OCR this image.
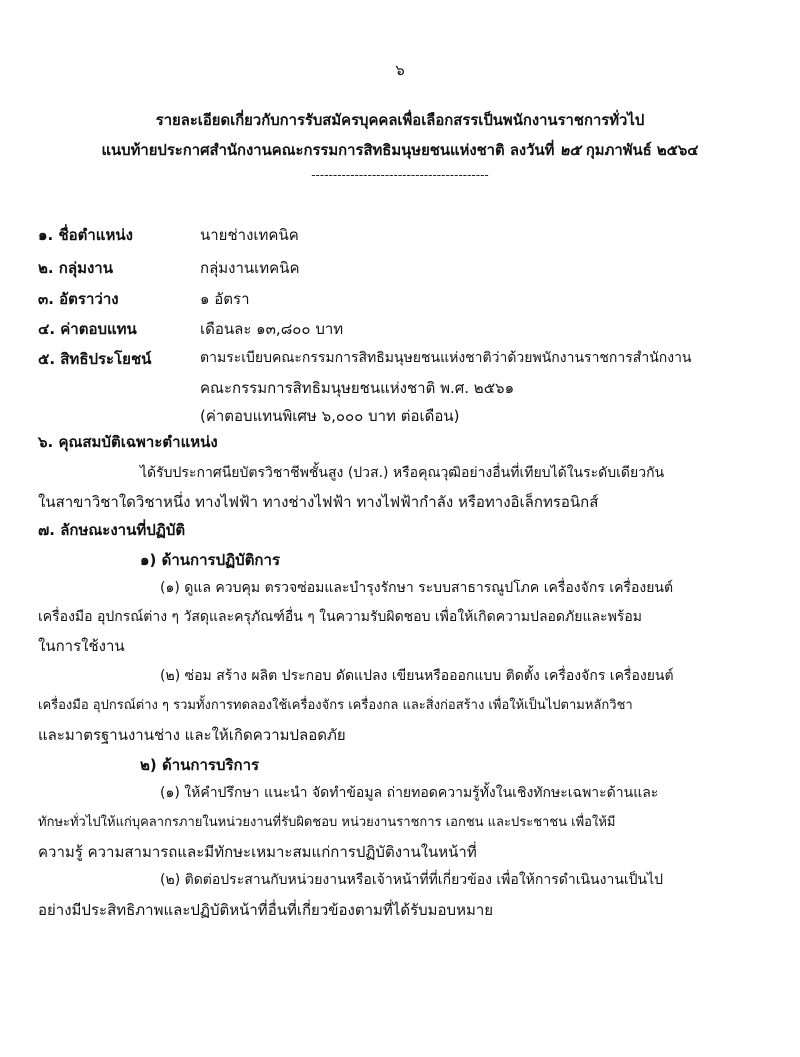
๖
รายละเอียดเกี่ยวกับการรับสมัครบุคคลเพื่อเลือกสรรเป็นพนักงานราชการทั่วไป
แนบท้ายประกาศสำนักงานคณะกรรมการสิทธิมนุษยชนแห่งชาติ ลงวันที่ ๒๕ กุมภาพันธ์ ๒๕๖๔
-----------------------------------------
๑. ชื่อตำแหน่ง	นายช่างเทคนิค
๒. กลุ่มงาน	กลุ่มงานเทคนิค
๓. อัตราว่าง	๑ อัตรา
๔. ค่าตอบแทน	เดือนละ ๑๓,๘๐๐ บาท
๕. สิทธิประโยชน์	ตามระเบียบคณะกรรมการสิทธิมนุษยชนแห่งชาติว่าด้วยพนักงานราชการสำนักงาน
คณะกรรมการสิทธิมนุษยชนแห่งชาติ พ.ศ. ๒๕๖๑
(ค่าตอบแทนพิเศษ ๖,๐๐๐ บาท ต่อเดือน)
๖. คุณสมบัติเฉพาะตำแหน่ง
ได้รับประกาศนียบัตรวิชาชีพชั้นสูง (ปวส.) หรือคุณวุฒิอย่างอื่นที่เทียบได้ในระดับเดียวกัน
ในสาขาวิชาใดวิชาหนึ่ง ทางไฟฟ้า ทางช่างไฟฟ้า ทางไฟฟ้ากำลัง หรือทางอิเล็กทรอนิกส์
๗. ลักษณะงานที่ปฏิบัติ
๑) ด้านการปฏิบัติการ
(๑) ดูแล ควบคุม ตรวจซ่อมและบำรุงรักษา ระบบสาธารณูปโภค เครื่องจักร เครื่องยนต์
เครื่องมือ อุปกรณ์ต่าง ๆ วัสดุและครุภัณฑ์อื่น ๆ ในความรับผิดชอบ เพื่อให้เกิดความปลอดภัยและพร้อม
ในการใช้งาน
(๒) ซ่อม สร้าง ผลิต ประกอบ ดัดแปลง เขียนหรือออกแบบ ติดตั้ง เครื่องจักร เครื่องยนต์
เครื่องมือ อุปกรณ์ต่าง ๆ รวมทั้งการทดลองใช้เครื่องจักร เครื่องกล และสิ่งก่อสร้าง เพื่อให้เป็นไปตามหลักวิชา
และมาตรฐานงานช่าง และให้เกิดความปลอดภัย
๒) ด้านการบริการ
(๑) ให้คำปรึกษา แนะนำ จัดทำข้อมูล ถ่ายทอดความรู้ทั้งในเชิงทักษะเฉพาะด้านและ
ทักษะทั่วไปให้แก่บุคลากรภายในหน่วยงานที่รับผิดชอบ หน่วยงานราชการ เอกชน และประชาชน เพื่อให้มี
ความรู้ ความสามารถและมีทักษะเหมาะสมแก่การปฏิบัติงานในหน้าที่
(๒) ติดต่อประสานกับหน่วยงานหรือเจ้าหน้าที่ที่เกี่ยวข้อง เพื่อให้การดำเนินงานเป็นไป
อย่างมีประสิทธิภาพและปฏิบัติหน้าที่อื่นที่เกี่ยวข้องตามที่ได้รับมอบหมาย
